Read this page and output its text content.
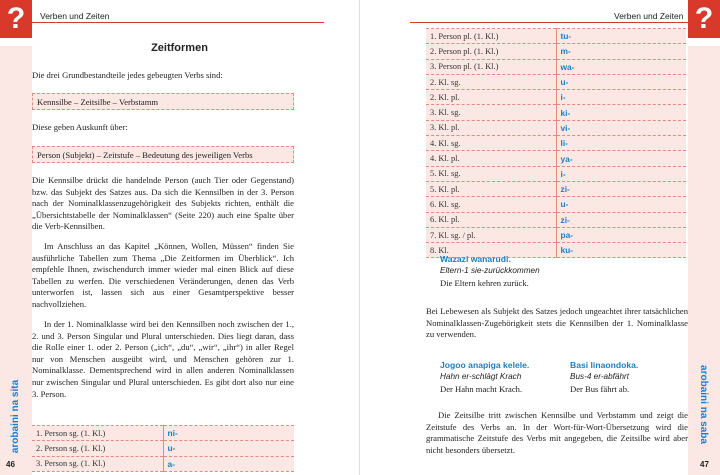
?	Verben und Zeiten
arobaini na sita
46
Zeitformen
Die drei Grundbestandteile jedes gebeugten Verbs sind:
Kennsilbe – Zeitsilbe – Verbstamm
Diese geben Auskunft über:
Person (Subjekt) – Zeitstufe – Bedeutung des jeweiligen Verbs
Die Kennsilbe drückt die handelnde Person (auch Tier oder Gegenstand) bzw. das Subjekt des Satzes aus. Da sich die Kennsilben in der 3. Person nach der Nominalklassenzugehörigkeit des Subjekts richten, enthält die „Übersichtstabelle der Nominalklassen“ (Seite 220) auch eine Spalte über die Verb-Kennsilben.
Im Anschluss an das Kapitel „Können, Wollen, Müssen“ finden Sie ausführliche Tabellen zum Thema „Die Zeitformen im Überblick“. Ich empfehle Ihnen, zwischendurch immer wieder mal einen Blick auf diese Tabellen zu werfen. Die verschiedenen Veränderungen, denen das Verb unterworfen ist, lassen sich aus einer Gesamtperspektive besser nachvollziehen.
In der 1. Nominalklasse wird bei den Kennsilben noch zwischen der 1., 2. und 3. Person Singular und Plural unterschieden. Dies liegt daran, dass die Rolle einer 1. oder 2. Person („ich“, „du“, „wir“, „ihr“) in aller Regel nur von Menschen ausgeübt wird, und Menschen gehören zur 1. Nominalklasse. Dementsprechend wird in allen anderen Nominalklassen nur zwischen Singular und Plural unterschieden. Es gibt dort also nur eine 3. Person.
1. Person sg. (1. Kl.)	ni-
2. Person sg. (1. Kl.)	u-
3. Person sg. (1. Kl.)	a-
?
Verben und Zeiten
arobaini na saba
47
1. Person pl. (1. Kl.)	tu-
2. Person pl. (1. Kl.)	m-
3. Person pl. (1. Kl.)	wa-
2. Kl. sg.	u-
2. Kl. pl.	i-
3. Kl. sg.	ki-
3. Kl. pl.	vi-
4. Kl. sg.	li-
4. Kl. pl.	ya-
5. Kl. sg.	i-
5. Kl. pl.	zi-
6. Kl. sg.	u-
6. Kl. pl.	zi-
7. Kl. sg. / pl.	pa-
8. Kl.	ku-
Wazazi wanarudi.
Eltern-1 sie-zurückkommen
Die Eltern kehren zurück.
Bei Lebewesen als Subjekt des Satzes jedoch ungeachtet ihrer tatsächlichen Nominalklassen-Zugehörigkeit stets die Kennsilben der 1. Nominalklasse zu verwenden.
Jogoo anapiga kelele.
Hahn er-schlägt Krach
Der Hahn macht Krach.
Basi linaondoka.
Bus-4 er-abfährt
Der Bus fährt ab.
Die Zeitsilbe tritt zwischen Kennsilbe und Verbstamm und zeigt die Zeitstufe des Verbs an. In der Wort-für-Wort-Übersetzung wird die grammatische Zeitstufe des Verbs mit angegeben, die Zeitsilbe wird aber nicht besonders übersetzt.
